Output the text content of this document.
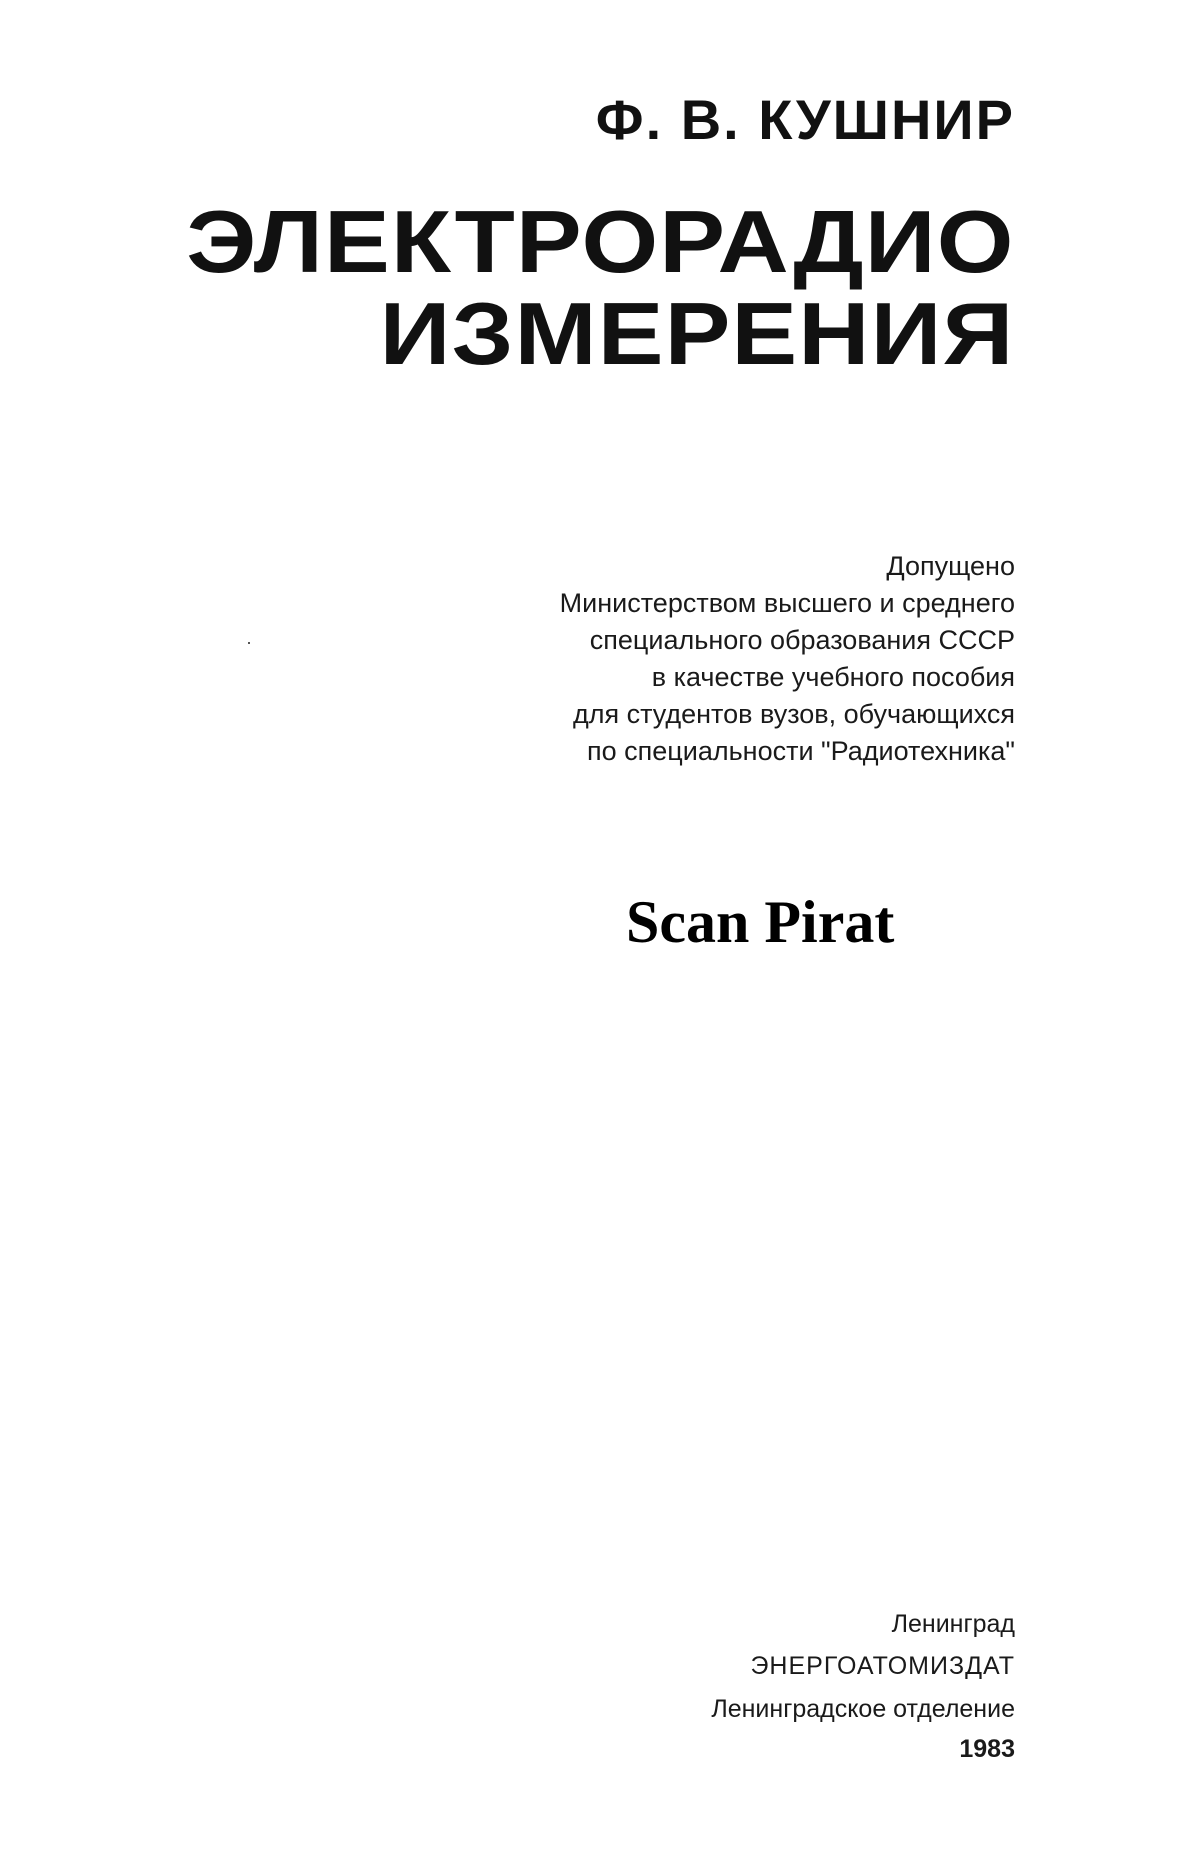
Ф. В. КУШНИР
ЭЛЕКТРОРАДИО
ИЗМЕРЕНИЯ
Допущено
Министерством высшего и среднего
специального образования СССР
в качестве учебного пособия
для студентов вузов, обучающихся
по специальности "Радиотехника"
Scan Pirat
Ленинград
ЭНЕРГОАТОМИЗДАТ
Ленинградское отделение
1983
